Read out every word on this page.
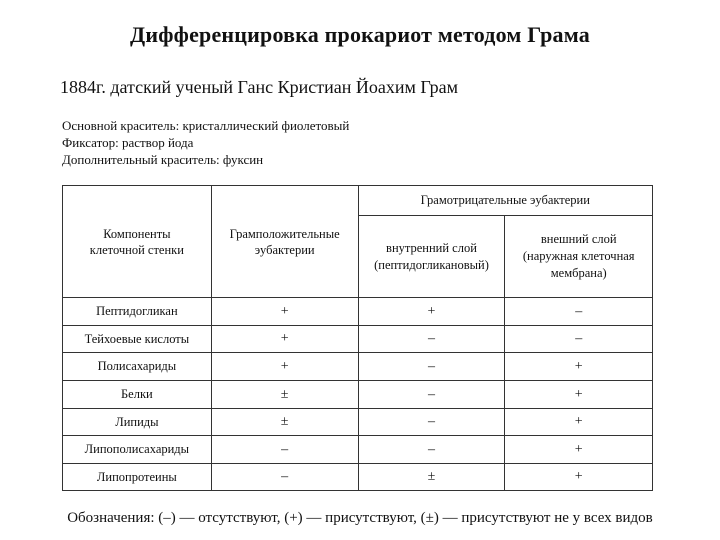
Дифференцировка прокариот методом Грама
1884г. датский ученый Ганс Кристиан Йоахим Грам
Основной краситель: кристаллический фиолетовый
Фиксатор: раствор йода
Дополнительный краситель: фуксин
Компоненты клеточной стенки	Грамположительные эубактерии	Грамотрицательные эубактерии	
		внутренний слой (пептидогликановый)	внешний слой (наружная клеточная мембрана)
Пептидогликан	+	+	–
Тейхоевые кислоты	+	–	–
Полисахариды	+	–	+
Белки	±	–	+
Липиды	±	–	+
Липополисахариды	–	–	+
Липопротеины	–	±	+
Обозначения: (–) — отсутствуют, (+) — присутствуют, (±) — присутствуют не у всех видов
